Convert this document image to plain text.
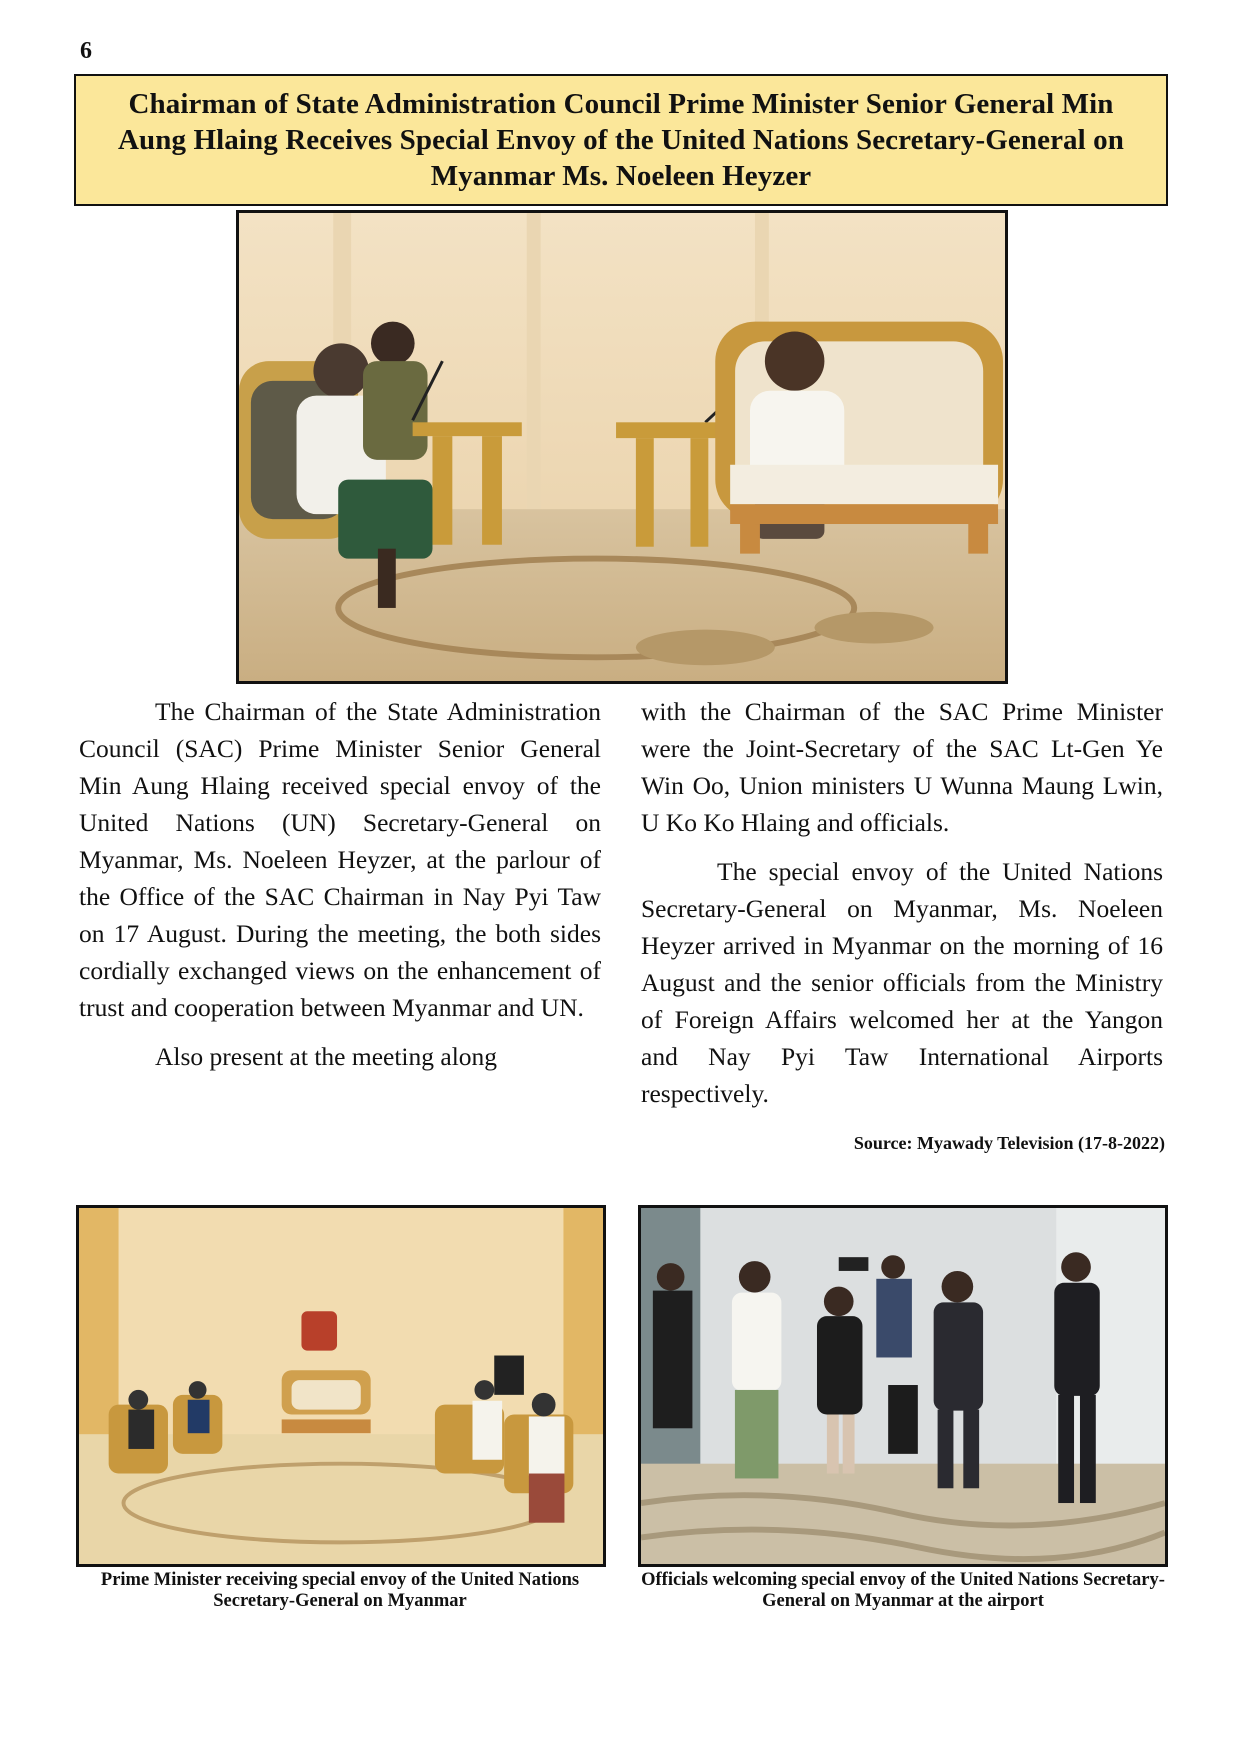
6
Chairman of State Administration Council Prime Minister Senior General Min Aung Hlaing Receives Special Envoy of the United Nations Secretary-General on Myanmar Ms. Noeleen Heyzer

The Chairman of the State Administration Council (SAC) Prime Minister Senior General Min Aung Hlaing received special envoy of the United Nations (UN) Secretary-General on Myanmar, Ms. Noeleen Heyzer, at the parlour of the Office of the SAC Chairman in Nay Pyi Taw on 17 August. During the meeting, the both sides cordially exchanged views on the enhancement of trust and cooperation between Myanmar and UN.

Also present at the meeting along

with the Chairman of the SAC Prime Minister were the Joint-Secretary of the SAC Lt-Gen Ye Win Oo, Union ministers U Wunna Maung Lwin, U Ko Ko Hlaing and officials.

The special envoy of the United Nations Secretary-General on Myanmar, Ms. Noeleen Heyzer arrived in Myanmar on the morning of 16 August and the senior officials from the Ministry of Foreign Affairs welcomed her at the Yangon and Nay Pyi Taw International Airports respectively.

Source: Myawady Television (17-8-2022)
Prime Minister receiving special envoy of the United Nations Secretary-General on Myanmar
Officials welcoming special envoy of the United Nations Secretary-General on Myanmar at the airport
